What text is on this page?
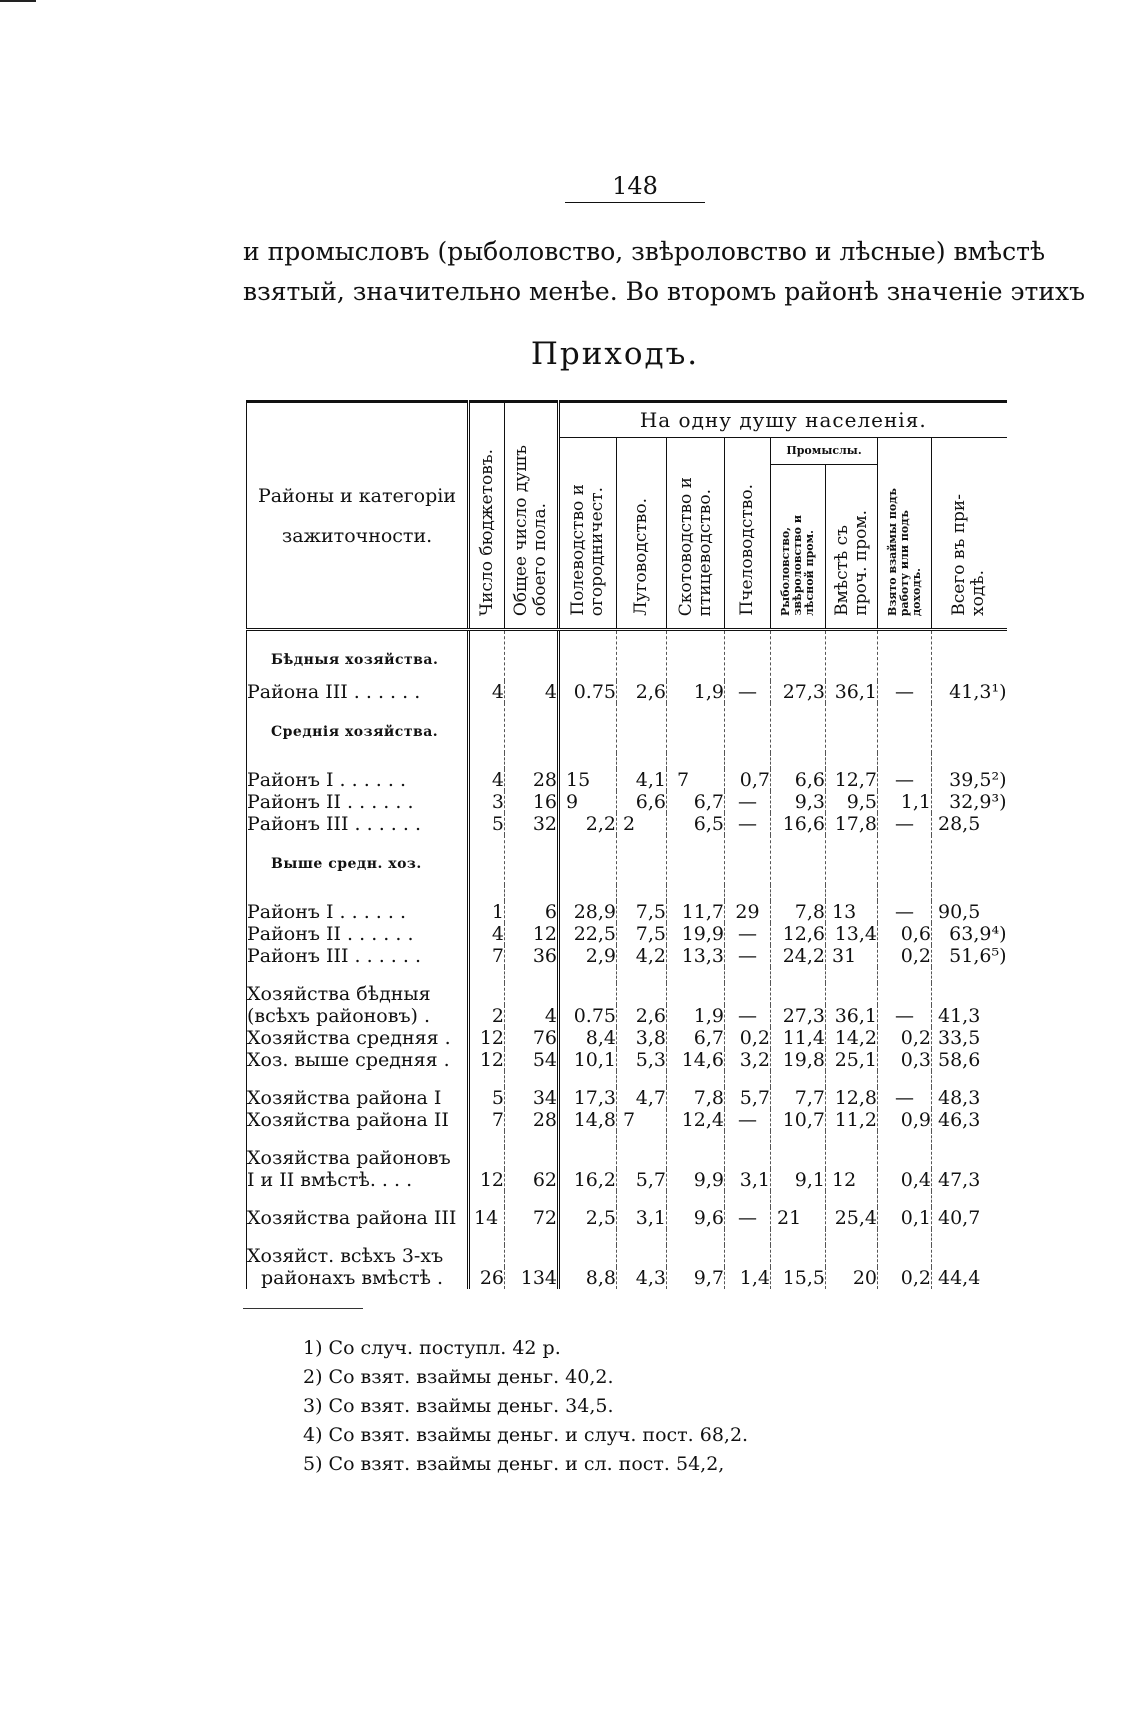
148
и промысловъ (рыболовство, звѣроловство и лѣсные) вмѣстѣ
взятый, значительно менѣе. Во второмъ районѣ значеніе этихъ
Приходъ.
Районы и категоріи
зажиточности.	Число бюджетовъ.	Общее число душъобоего пола.	На одну душу населенія.							
			Полеводство иогородничест.	Луговодство.	Скотоводство иптицеводство.	Пчеловодство.	Промыслы.		Взято взаймы подъработу или подъдоходъ.	Всего въ при-ходѣ.
							Рыболовство,звѣроловство илѣсной пром.	Вмѣстѣ съпроч. пром.		

Бѣдныя хозяйства.										
Района III . . . . . .	4	4	0.75	2,6	1,9	—	27,3	36,1	—	41,3¹)
Среднія хозяйства.										

Районъ I . . . . . .	4	28	15	4,1	7	0,7	6,6	12,7	—	39,5²)
Районъ II . . . . . .	3	16	9	6,6	6,7	—	9,3	9,5	1,1	32,9³)
Районъ III . . . . . .	5	32	2,2	2	6,5	—	16,6	17,8	—	28,5
Выше средн. хоз.										

Районъ I . . . . . .	1	6	28,9	7,5	11,7	29	7,8	13	—	90,5
Районъ II . . . . . .	4	12	22,5	7,5	19,9	—	12,6	13,4	0,6	63,9⁴)
Районъ III . . . . . .	7	36	2,9	4,2	13,3	—	24,2	31	0,2	51,6⁵)

Хозяйства бѣдныя										
(всѣхъ районовъ) .	2	4	0.75	2,6	1,9	—	27,3	36,1	—	41,3
Хозяйства средняя .	12	76	8,4	3,8	6,7	0,2	11,4	14,2	0,2	33,5
Хоз. выше средняя .	12	54	10,1	5,3	14,6	3,2	19,8	25,1	0,3	58,6

Хозяйства района I	5	34	17,3	4,7	7,8	5,7	7,7	12,8	—	48,3
Хозяйства района II	7	28	14,8	7	12,4	—	10,7	11,2	0,9	46,3

Хозяйства районовъ										
I и II вмѣстѣ. . . .	12	62	16,2	5,7	9,9	3,1	9,1	12	0,4	47,3

Хозяйства района III	14	72	2,5	3,1	9,6	—	21	25,4	0,1	40,7

Хозяйст. всѣхъ 3-хъ										
районахъ вмѣстѣ .	26	134	8,8	4,3	9,7	1,4	15,5	20	0,2	44,4
1) Со случ. поступл. 42 р.
2) Со взят. взаймы деньг. 40,2.
3) Со взят. взаймы деньг. 34,5.
4) Со взят. взаймы деньг. и случ. пост. 68,2.
5) Со взят. взаймы деньг. и сл. пост. 54,2,
